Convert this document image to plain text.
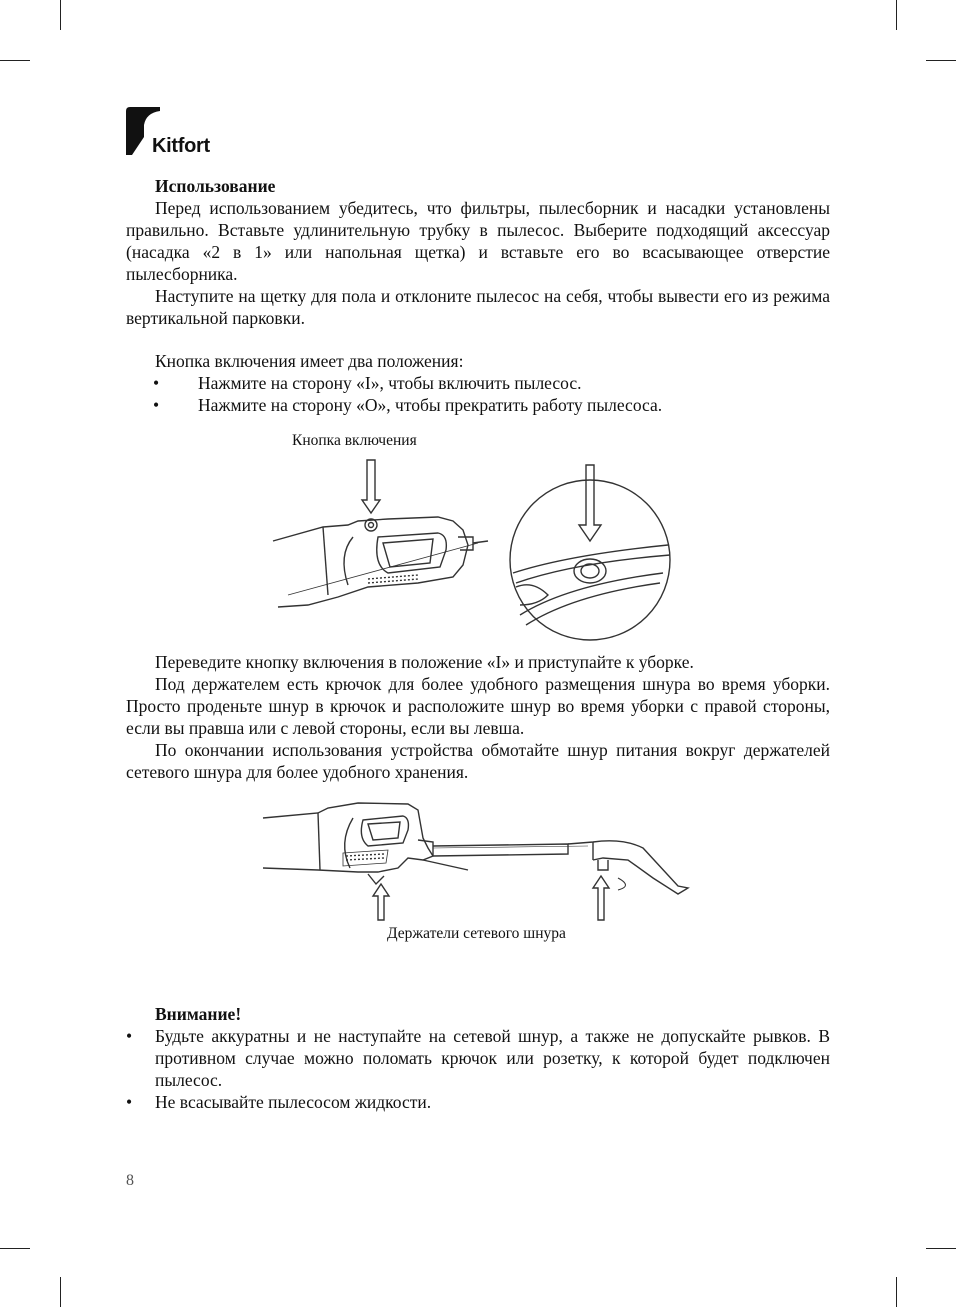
Kitfort

Использование

Перед использованием убедитесь, что фильтры, пылесборник и насадки установлены правильно. Вставьте удлинительную трубку в пылесос. Выберите подходящий аксессуар (насадка «2 в 1» или напольная щетка) и вставьте его во всасывающее отверстие пылесборника.

Наступите на щетку для пола и отклоните пылесос на себя, чтобы вывести его из режима вертикальной парковки.

Кнопка включения имеет два положения:

• Нажмите на сторону «I», чтобы включить пылесос.
• Нажмите на сторону «O», чтобы прекратить работу пылесоса.
Кнопка включения

Переведите кнопку включения в положение «I» и приступайте к уборке.

Под держателем есть крючок для более удобного размещения шнура во время уборки. Просто проденьте шнур в крючок и расположите шнур во время уборки с правой стороны, если вы правша или с левой стороны, если вы левша.

По окончании использования устройства обмотайте шнур питания вокруг держателей сетевого шнура для более удобного хранения.

Держатели сетевого шнура

Внимание!

• Будьте аккуратны и не наступайте на сетевой шнур, а также не допускайте рывков. В противном случае можно поломать крючок или розетку, к которой будет подключен пылесос.

• Не всасывайте пылесосом жидкости.
8
